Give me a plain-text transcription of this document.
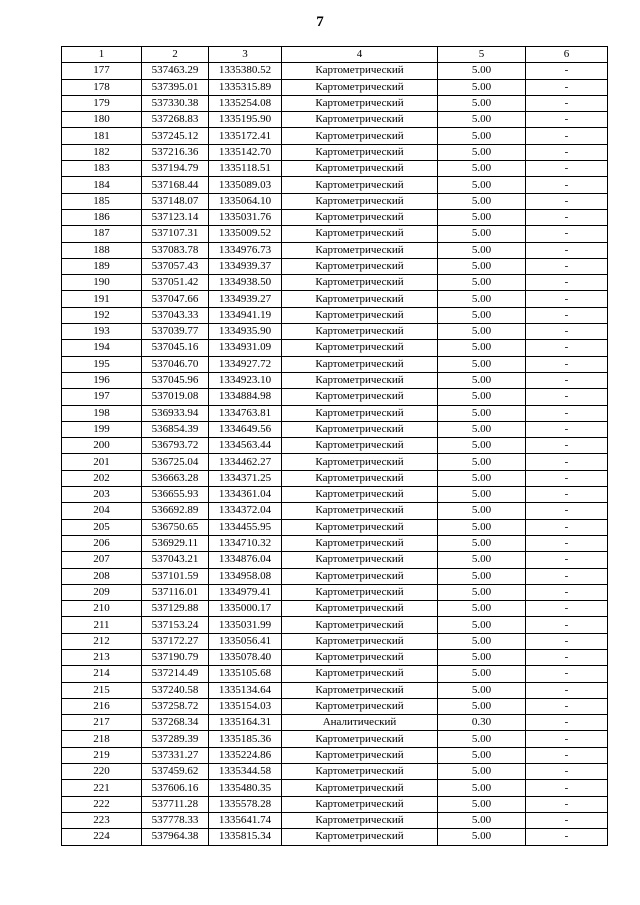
7
1	2	3	4	5	6
177	537463.29	1335380.52	Картометрический	5.00	-
178	537395.01	1335315.89	Картометрический	5.00	-
179	537330.38	1335254.08	Картометрический	5.00	-
180	537268.83	1335195.90	Картометрический	5.00	-
181	537245.12	1335172.41	Картометрический	5.00	-
182	537216.36	1335142.70	Картометрический	5.00	-
183	537194.79	1335118.51	Картометрический	5.00	-
184	537168.44	1335089.03	Картометрический	5.00	-
185	537148.07	1335064.10	Картометрический	5.00	-
186	537123.14	1335031.76	Картометрический	5.00	-
187	537107.31	1335009.52	Картометрический	5.00	-
188	537083.78	1334976.73	Картометрический	5.00	-
189	537057.43	1334939.37	Картометрический	5.00	-
190	537051.42	1334938.50	Картометрический	5.00	-
191	537047.66	1334939.27	Картометрический	5.00	-
192	537043.33	1334941.19	Картометрический	5.00	-
193	537039.77	1334935.90	Картометрический	5.00	-
194	537045.16	1334931.09	Картометрический	5.00	-
195	537046.70	1334927.72	Картометрический	5.00	-
196	537045.96	1334923.10	Картометрический	5.00	-
197	537019.08	1334884.98	Картометрический	5.00	-
198	536933.94	1334763.81	Картометрический	5.00	-
199	536854.39	1334649.56	Картометрический	5.00	-
200	536793.72	1334563.44	Картометрический	5.00	-
201	536725.04	1334462.27	Картометрический	5.00	-
202	536663.28	1334371.25	Картометрический	5.00	-
203	536655.93	1334361.04	Картометрический	5.00	-
204	536692.89	1334372.04	Картометрический	5.00	-
205	536750.65	1334455.95	Картометрический	5.00	-
206	536929.11	1334710.32	Картометрический	5.00	-
207	537043.21	1334876.04	Картометрический	5.00	-
208	537101.59	1334958.08	Картометрический	5.00	-
209	537116.01	1334979.41	Картометрический	5.00	-
210	537129.88	1335000.17	Картометрический	5.00	-
211	537153.24	1335031.99	Картометрический	5.00	-
212	537172.27	1335056.41	Картометрический	5.00	-
213	537190.79	1335078.40	Картометрический	5.00	-
214	537214.49	1335105.68	Картометрический	5.00	-
215	537240.58	1335134.64	Картометрический	5.00	-
216	537258.72	1335154.03	Картометрический	5.00	-
217	537268.34	1335164.31	Аналитический	0.30	-
218	537289.39	1335185.36	Картометрический	5.00	-
219	537331.27	1335224.86	Картометрический	5.00	-
220	537459.62	1335344.58	Картометрический	5.00	-
221	537606.16	1335480.35	Картометрический	5.00	-
222	537711.28	1335578.28	Картометрический	5.00	-
223	537778.33	1335641.74	Картометрический	5.00	-
224	537964.38	1335815.34	Картометрический	5.00	-
